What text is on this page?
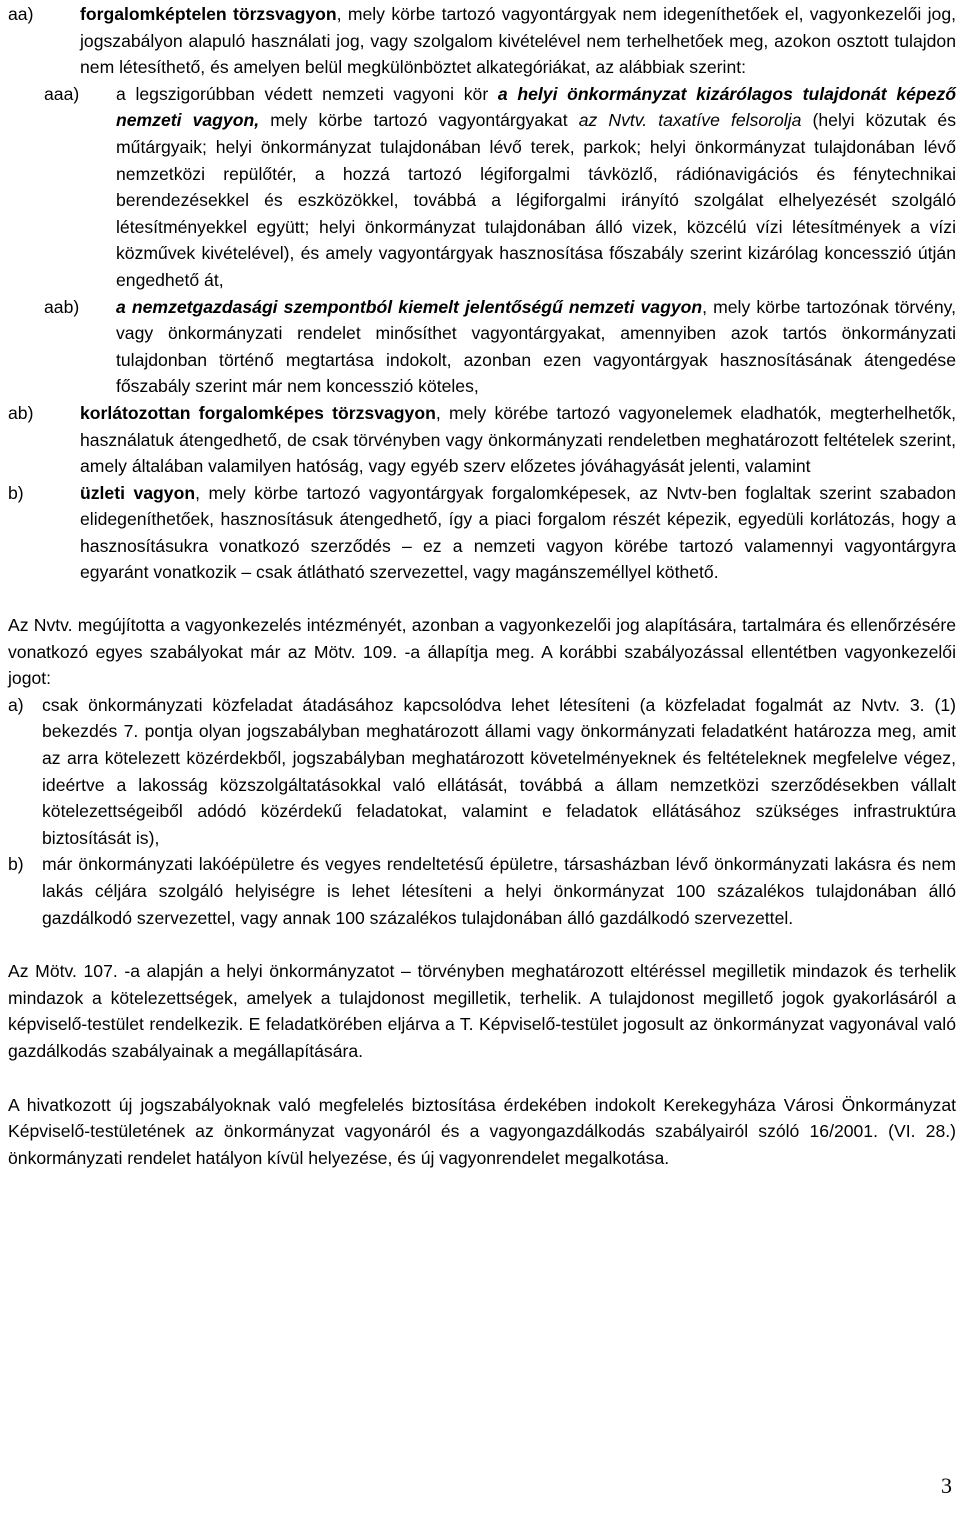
aa)	forgalomképtelen törzsvagyon, mely körbe tartozó vagyontárgyak nem idegeníthetőek el, vagyonkezelői jog, jogszabályon alapuló használati jog, vagy szolgalom kivételével nem terhelhetőek meg, azokon osztott tulajdon nem létesíthető, és amelyen belül megkülönböztet alkategóriákat, az alábbiak szerint:
aaa) a legszigorúbban védett nemzeti vagyoni kör a helyi önkormányzat kizárólagos tulajdonát képező nemzeti vagyon, mely körbe tartozó vagyontárgyakat az Nvtv. taxatíve felsorolja (helyi közutak és műtárgyaik; helyi önkormányzat tulajdonában lévő terek, parkok; helyi önkormányzat tulajdonában lévő nemzetközi repülőtér, a hozzá tartozó légiforgalmi távközlő, rádiónavigációs és fénytechnikai berendezésekkel és eszközökkel, továbbá a légiforgalmi irányító szolgálat elhelyezését szolgáló létesítményekkel együtt; helyi önkormányzat tulajdonában álló vizek, közcélú vízi létesítmények a vízi közművek kivételével), és amely vagyontárgyak hasznosítása főszabály szerint kizárólag koncesszió útján engedhető át,
aab) a nemzetgazdasági szempontból kiemelt jelentőségű nemzeti vagyon, mely körbe tartozónak törvény, vagy önkormányzati rendelet minősíthet vagyontárgyakat, amennyiben azok tartós önkormányzati tulajdonban történő megtartása indokolt, azonban ezen vagyontárgyak hasznosításának átengedése főszabály szerint már nem koncesszió köteles,
ab)	korlátozottan forgalomképes törzsvagyon, mely körébe tartozó vagyonelemek eladhatók, megterhelhetők, használatuk átengedhető, de csak törvényben vagy önkormányzati rendeletben meghatározott feltételek szerint, amely általában valamilyen hatóság, vagy egyéb szerv előzetes jóváhagyását jelenti, valamint
b)	üzleti vagyon, mely körbe tartozó vagyontárgyak forgalomképesek, az Nvtv-ben foglaltak szerint szabadon elidegeníthetőek, hasznosításuk átengedhető, így a piaci forgalom részét képezik, egyedüli korlátozás, hogy a hasznosításukra vonatkozó szerződés – ez a nemzeti vagyon körébe tartozó valamennyi vagyontárgyra egyaránt vonatkozik – csak átlátható szervezettel, vagy magánszeméllyel köthető.
Az Nvtv. megújította a vagyonkezelés intézményét, azonban a vagyonkezelői jog alapítására, tartalmára és ellenőrzésére vonatkozó egyes szabályokat már az Mötv. 109. -a állapítja meg. A korábbi szabályozással ellentétben vagyonkezelői jogot:
a) csak önkormányzati közfeladat átadásához kapcsolódva lehet létesíteni (a közfeladat fogalmát az Nvtv. 3. (1) bekezdés 7. pontja olyan jogszabályban meghatározott állami vagy önkormányzati feladatként határozza meg, amit az arra kötelezett közérdekből, jogszabályban meghatározott követelményeknek és feltételeknek megfelelve végez, ideértve a lakosság közszolgáltatásokkal való ellátását, továbbá a állam nemzetközi szerződésekben vállalt kötelezettségeiből adódó közérdekű feladatokat, valamint e feladatok ellátásához szükséges infrastruktúra biztosítását is),
b) már önkormányzati lakóépületre és vegyes rendeltetésű épületre, társasházban lévő önkormányzati lakásra és nem lakás céljára szolgáló helyiségre is lehet létesíteni a helyi önkormányzat 100 százalékos tulajdonában álló gazdálkodó szervezettel, vagy annak 100 százalékos tulajdonában álló gazdálkodó szervezettel.
Az Mötv. 107. -a alapján a helyi önkormányzatot – törvényben meghatározott eltéréssel megilletik mindazok és terhelik mindazok a kötelezettségek, amelyek a tulajdonost megilletik, terhelik. A tulajdonost megillető jogok gyakorlásáról a képviselő-testület rendelkezik. E feladatkörében eljárva a T. Képviselő-testület jogosult az önkormányzat vagyonával való gazdálkodás szabályainak a megállapítására.
A hivatkozott új jogszabályoknak való megfelelés biztosítása érdekében indokolt Kerekegyháza Városi Önkormányzat Képviselő-testületének az önkormányzat vagyonáról és a vagyongazdálkodás szabályairól szóló 16/2001. (VI. 28.) önkormányzati rendelet hatályon kívül helyezése, és új vagyonrendelet megalkotása.
3
